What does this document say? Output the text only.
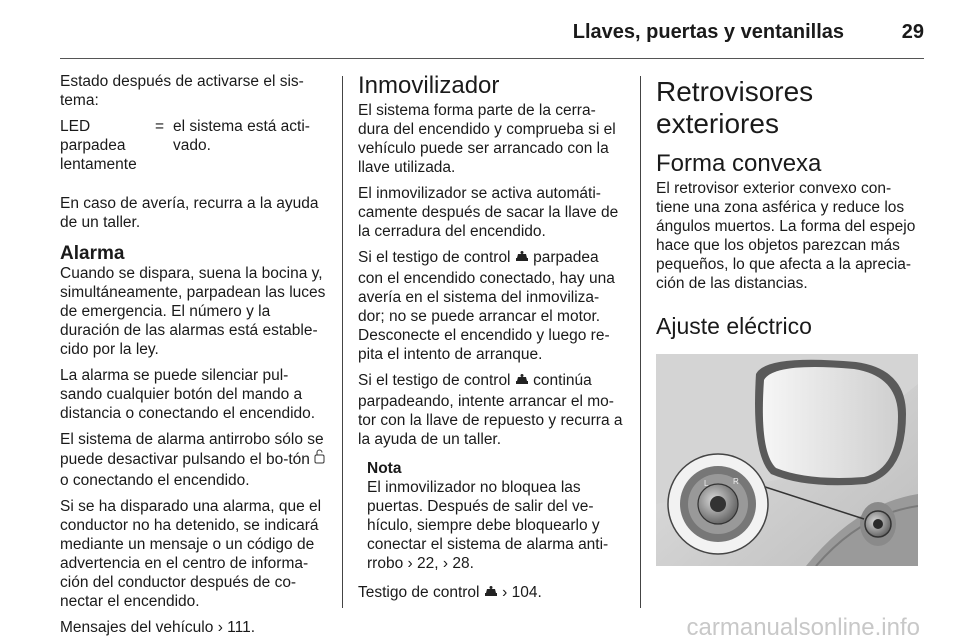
Llaves, puertas y ventanillas	29

Estado después de activarse el sis-tema:

LED parpadea lentamente
= el sistema está acti-vado.

En caso de avería, recurra a la ayuda de un taller.

Alarma

Cuando se dispara, suena la bocina y, simultáneamente, parpadean las luces de emergencia. El número y la duración de las alarmas está estable-cido por la ley.

La alarma se puede silenciar pul-sando cualquier botón del mando a distancia o conectando el encendido.

El sistema de alarma antirrobo sólo se puede desactivar pulsando el bo-tón  o conectando el encendido.

Si se ha disparado una alarma, que el conductor no ha detenido, se indicará mediante un mensaje o un código de advertencia en el centro de informa-ción del conductor después de co-nectar el encendido.

Mensajes del vehículo › 111.

Inmovilizador

El sistema forma parte de la cerra-dura del encendido y comprueba si el vehículo puede ser arrancado con la llave utilizada.

El inmovilizador se activa automáti-camente después de sacar la llave de la cerradura del encendido.

Si el testigo de control parpadea con el encendido conectado, hay una avería en el sistema del inmoviliza-dor; no se puede arrancar el motor. Desconecte el encendido y luego re-pita el intento de arranque.

Si el testigo de control continúa parpadeando, intente arrancar el mo-tor con la llave de repuesto y recurra a la ayuda de un taller.

Nota
El inmovilizador no bloquea las puertas. Después de salir del ve-hículo, siempre debe bloquearlo y conectar el sistema de alarma anti-rrobo › 22, › 28.

Testigo de control › 104.

Retrovisores exteriores
Forma convexa

El retrovisor exterior convexo con-tiene una zona asférica y reduce los ángulos muertos. La forma del espejo hace que los objetos parezcan más pequeños, lo que afecta a la aprecia-ción de las distancias.

Ajuste eléctrico
L	R
carmanualsonline.info
